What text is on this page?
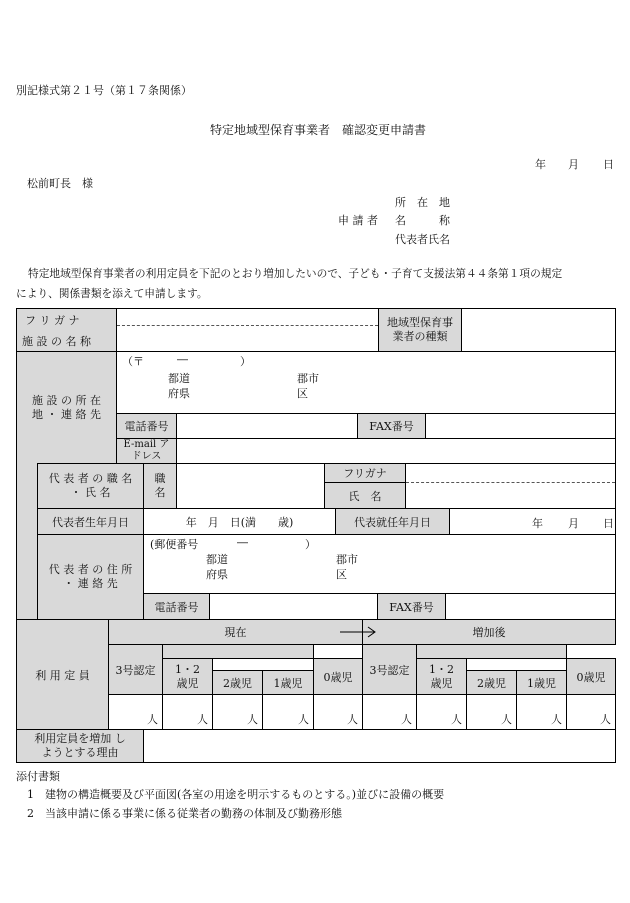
別記様式第２１号（第１７条関係）
特定地域型保育事業者　確認変更申請書
年 月 日
松前町長　様
所　在　地
申 請 者 名　　　称
代表者氏名
特定地域型保育事業者の利用定員を下記のとおり増加したいので、子ども・子育て支援法第４４条第１項の規定
により、関係書類を添えて申請します。
フ リ ガ ナ
施 設 の 名 称
地域型保育事業者の種類
施 設 の 所 在 地 ・ 連 絡 先
（〒	―	）
都道
府県
郡市
区
電話番号	FAX番号
E-mail アドレス
代 表 者 の 職 名 ・ 氏 名
職 名
フリガナ
氏　名
代表者生年月日	年　月　日(満　　歳)	代表就任年月日	年 月 日
代 表 者 の 住 所 ・ 連 絡 先
(郵便番号	―	）
都道
府県
郡市
区
電話番号	FAX番号
利 用 定 員
現在	増加後
3号認定	1・2 歳児	2歳児	1歳児	0歳児
3号認定	1・2 歳児	2歳児	1歳児	0歳児
人	人	人	人	人	人	人	人	人	人
利用定員を増加 しようとする理由
添付書類
1　建物の構造概要及び平面図(各室の用途を明示するものとする。)並びに設備の概要
2　当該申請に係る事業に係る従業者の勤務の体制及び勤務形態
